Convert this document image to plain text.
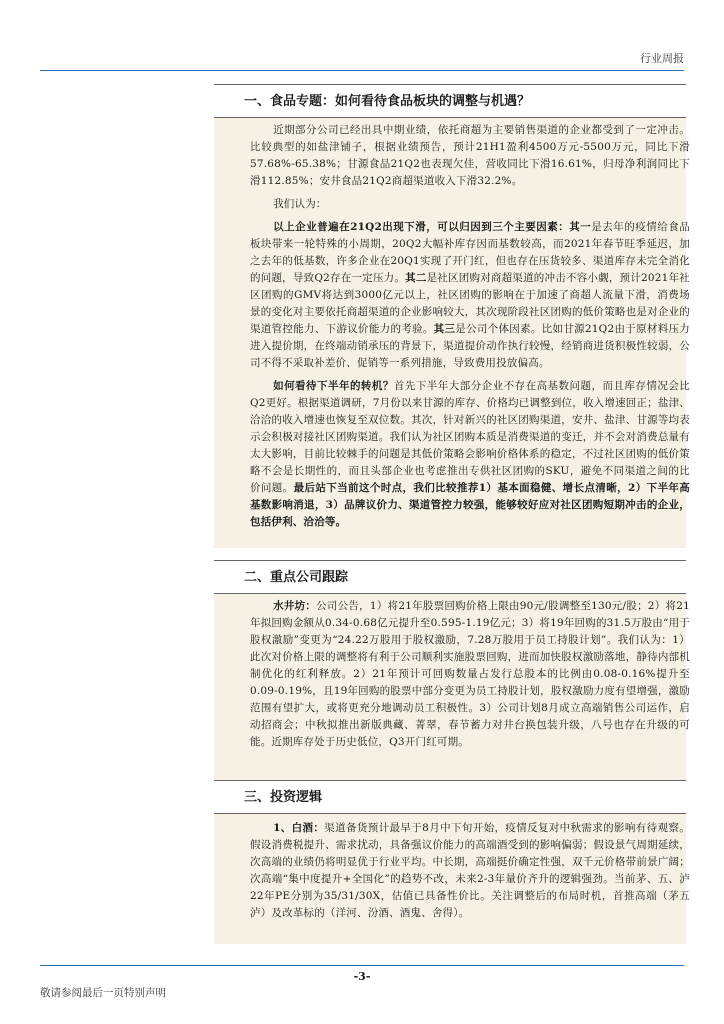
行业周报
一、食品专题：如何看待食品板块的调整与机遇？

近期部分公司已经出具中期业绩，依托商超为主要销售渠道的企业都受到了一定冲击。比较典型的如盐津铺子，根据业绩预告，预计21H1盈利4500万元-5500万元，同比下滑57.68%-65.38%；甘源食品21Q2也表现欠佳，营收同比下滑16.61%，归母净利润同比下滑112.85%；安井食品21Q2商超渠道收入下滑32.2%。

我们认为：

以上企业普遍在21Q2出现下滑，可以归因到三个主要因素：其一是去年的疫情给食品板块带来一轮特殊的小周期，20Q2大幅补库存因而基数较高，而2021年春节旺季延迟，加之去年的低基数，许多企业在20Q1实现了开门红，但也存在压货较多、渠道库存未完全消化的问题，导致Q2存在一定压力。其二是社区团购对商超渠道的冲击不容小觑，预计2021年社区团购的GMV将达到3000亿元以上，社区团购的影响在于加速了商超人流量下滑，消费场景的变化对主要依托商超渠道的企业影响较大，其次现阶段社区团购的低价策略也是对企业的渠道管控能力、下游议价能力的考验。其三是公司个体因素。比如甘源21Q2由于原材料压力进入提价期，在终端动销承压的背景下，渠道提价动作执行较慢，经销商进货积极性较弱，公司不得不采取补差价、促销等一系列措施，导致费用投放偏高。

如何看待下半年的转机？首先下半年大部分企业不存在高基数问题，而且库存情况会比Q2更好。根据渠道调研，7月份以来甘源的库存、价格均已调整到位，收入增速回正；盐津、洽洽的收入增速也恢复至双位数。其次，针对新兴的社区团购渠道，安井、盐津、甘源等均表示会积极对接社区团购渠道。我们认为社区团购本质是消费渠道的变迁，并不会对消费总量有太大影响，目前比较棘手的问题是其低价策略会影响价格体系的稳定，不过社区团购的低价策略不会是长期性的，而且头部企业也考虑推出专供社区团购的SKU，避免不同渠道之间的比价问题。最后站下当前这个时点，我们比较推荐1）基本面稳健、增长点清晰，2）下半年高基数影响消退，3）品牌议价力、渠道管控力较强，能够较好应对社区团购短期冲击的企业，包括伊利、洽洽等。

二、重点公司跟踪

水井坊：公司公告，1）将21年股票回购价格上限由90元/股调整至130元/股；2）将21年拟回购金额从0.34-0.68亿元提升至0.595-1.19亿元；3）将19年回购的31.5万股由“用于股权激励”变更为“24.22万股用于股权激励，7.28万股用于员工持股计划”。我们认为：1）此次对价格上限的调整将有利于公司顺利实施股票回购，进而加快股权激励落地，静待内部机制优化的红利释放。2）21年预计可回购数量占发行总股本的比例由0.08-0.16%提升至0.09-0.19%，且19年回购的股票中部分变更为员工持股计划，股权激励力度有望增强，激励范围有望扩大，或将更充分地调动员工积极性。3）公司计划8月成立高端销售公司运作，启动招商会；中秋拟推出新版典藏、菁翠，春节蓄力对井台换包装升级，八号也存在升级的可能。近期库存处于历史低位，Q3开门红可期。

三、投资逻辑

1、白酒：渠道备货预计最早于8月中下旬开始，疫情反复对中秋需求的影响有待观察。假设消费税提升、需求扰动，具备强议价能力的高端酒受到的影响偏弱；假设景气周期延续，次高端的业绩仍将明显优于行业平均。中长期，高端挺价确定性强，双千元价格带前景广阔；次高端“集中度提升+全国化”的趋势不改，未来2-3年量价齐升的逻辑强劲。当前茅、五、泸22年PE分别为35/31/30X，估值已具备性价比。关注调整后的布局时机，首推高端（茅五泸）及改革标的（洋河、汾酒、酒鬼、舍得）。

-3-
敬请参阅最后一页特别声明
